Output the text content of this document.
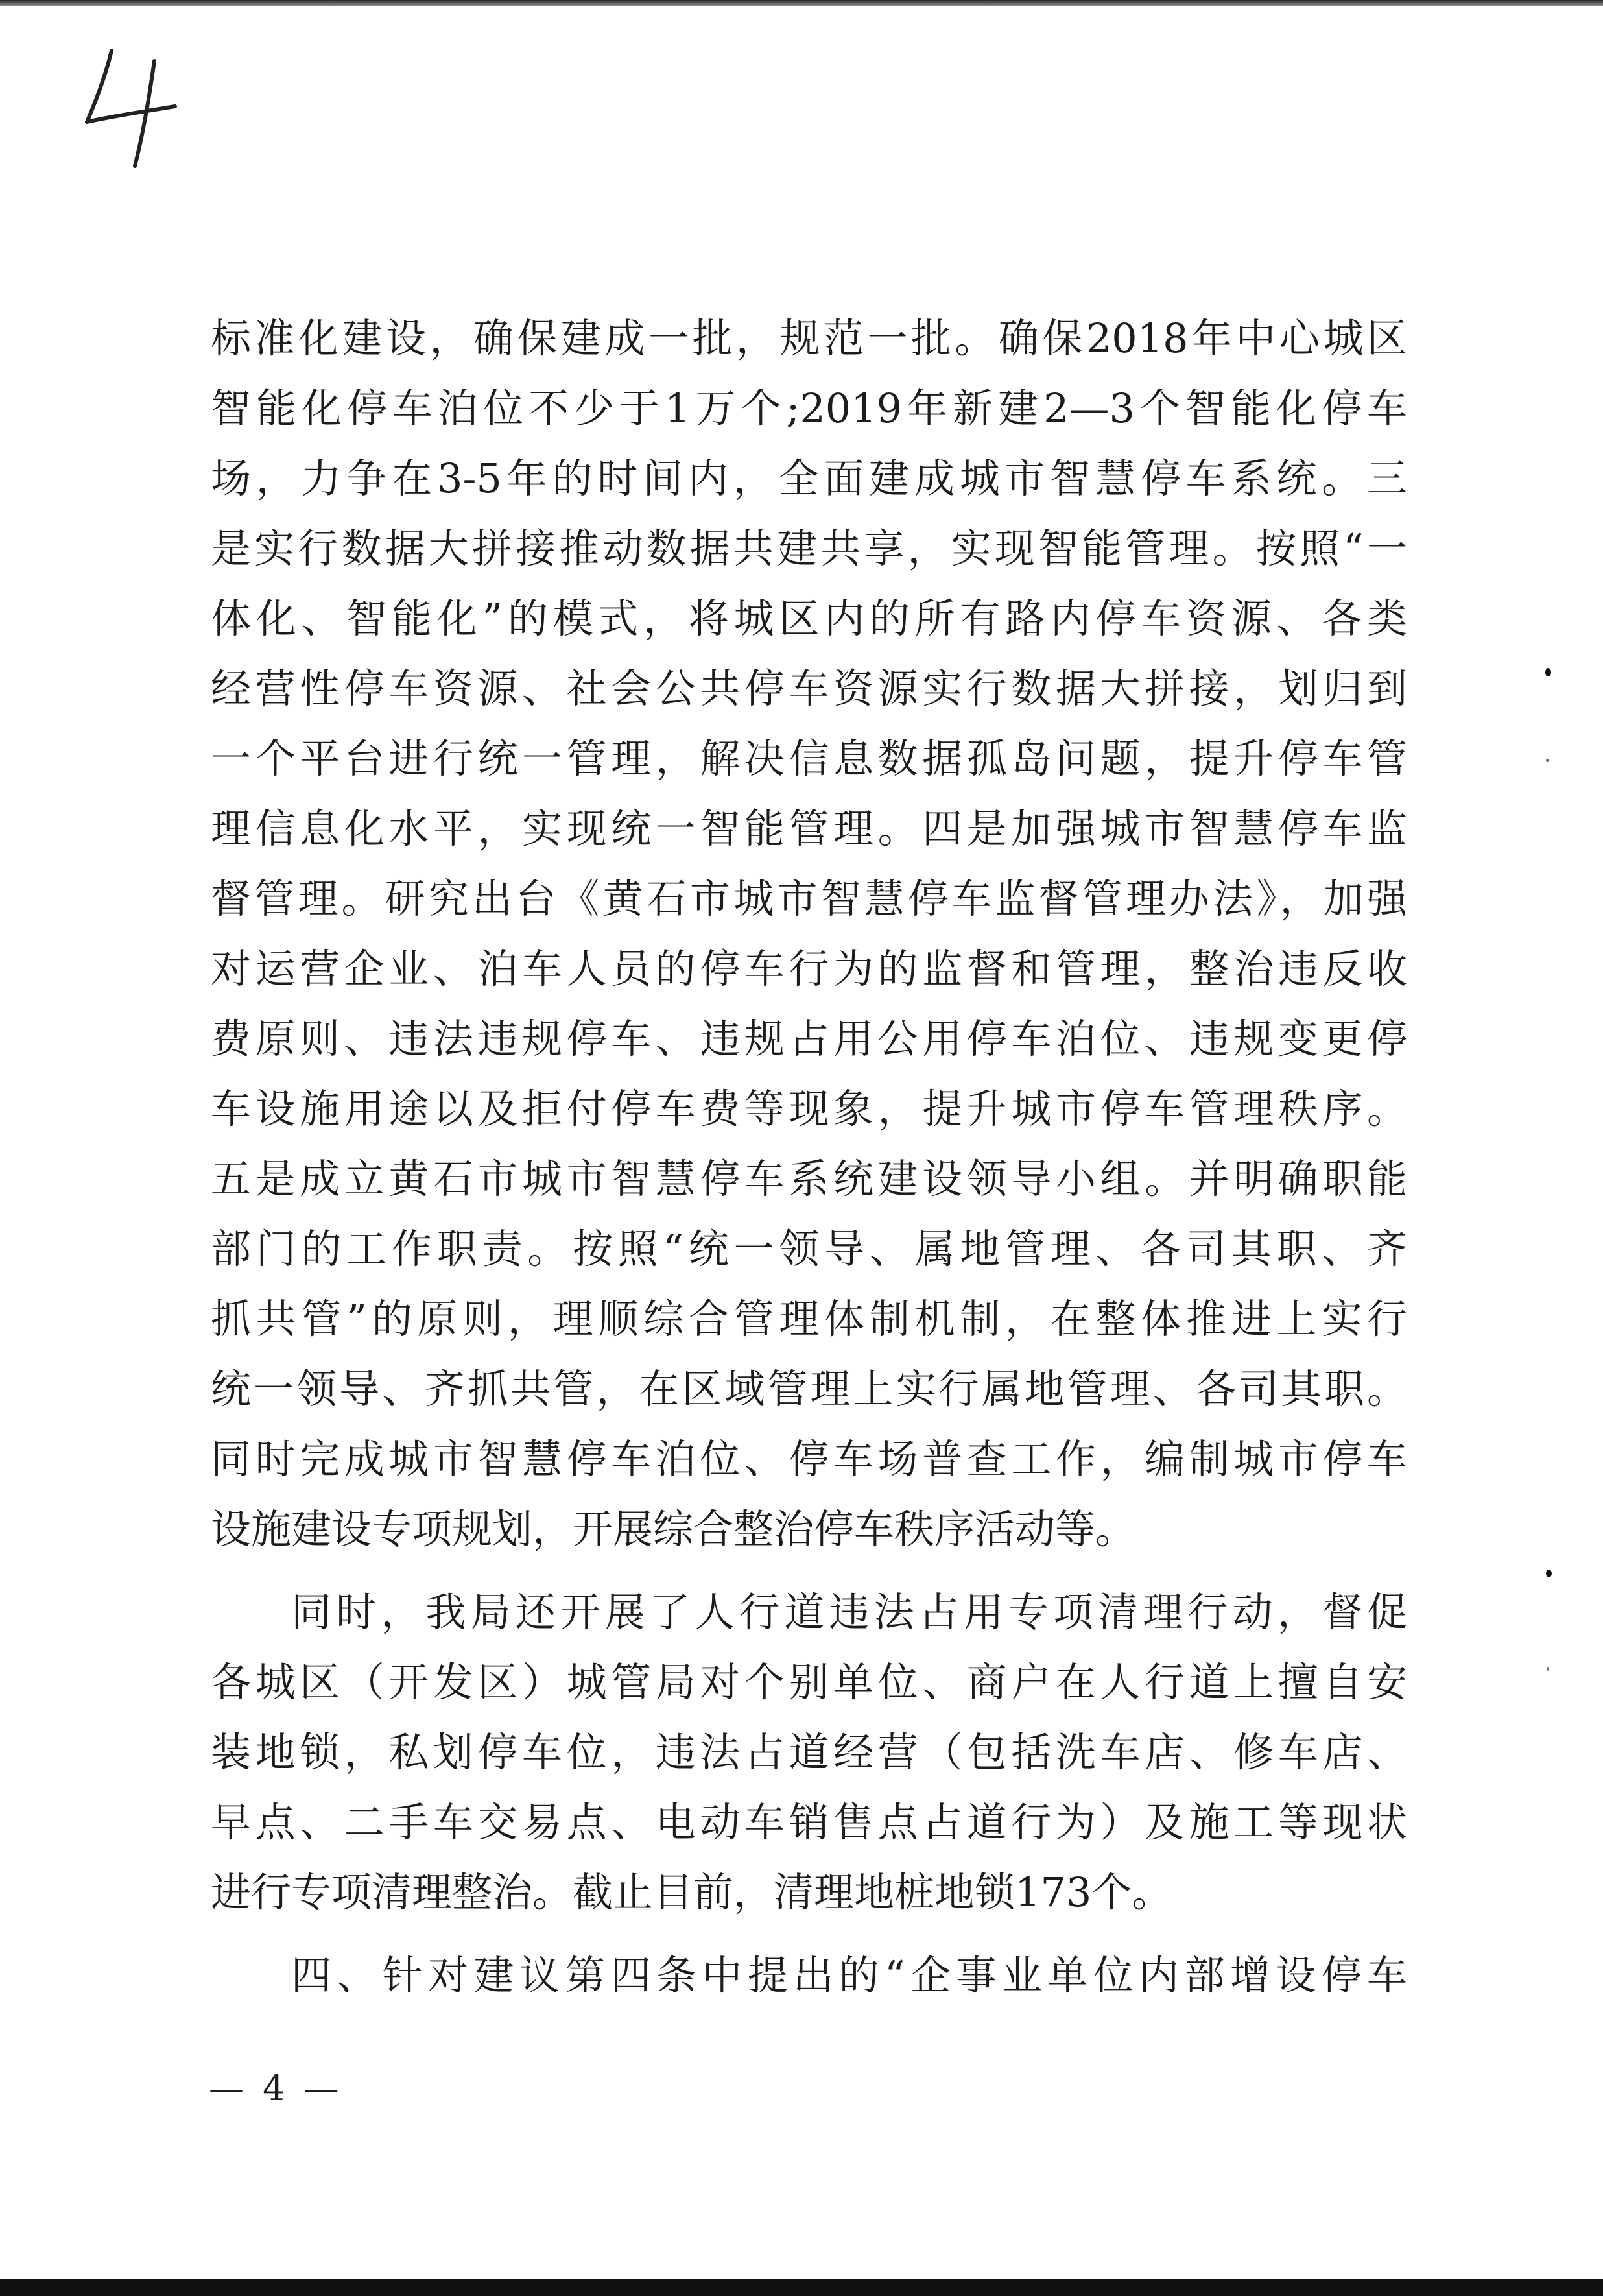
标准化建设，确保建成一批，规范一批。确保2018年中心城区
智能化停车泊位不少于1万个;2019年新建2—3个智能化停车
场，力争在3-5年的时间内，全面建成城市智慧停车系统。三
是实行数据大拼接推动数据共建共享，实现智能管理。按照“一
体化、智能化”的模式，将城区内的所有路内停车资源、各类
经营性停车资源、社会公共停车资源实行数据大拼接，划归到
一个平台进行统一管理，解决信息数据孤岛问题，提升停车管
理信息化水平，实现统一智能管理。四是加强城市智慧停车监
督管理。研究出台《黄石市城市智慧停车监督管理办法》，加强
对运营企业、泊车人员的停车行为的监督和管理，整治违反收
费原则、违法违规停车、违规占用公用停车泊位、违规变更停
车设施用途以及拒付停车费等现象，提升城市停车管理秩序。
五是成立黄石市城市智慧停车系统建设领导小组。并明确职能
部门的工作职责。按照“统一领导、属地管理、各司其职、齐
抓共管”的原则，理顺综合管理体制机制，在整体推进上实行
统一领导、齐抓共管，在区域管理上实行属地管理、各司其职。
同时完成城市智慧停车泊位、停车场普查工作，编制城市停车
设施建设专项规划，开展综合整治停车秩序活动等。
同时，我局还开展了人行道违法占用专项清理行动，督促
各城区（开发区）城管局对个别单位、商户在人行道上擅自安
装地锁，私划停车位，违法占道经营（包括洗车店、修车店、
早点、二手车交易点、电动车销售点占道行为）及施工等现状
进行专项清理整治。截止目前，清理地桩地锁173个。
四、针对建议第四条中提出的“企事业单位内部增设停车
— 4 —
